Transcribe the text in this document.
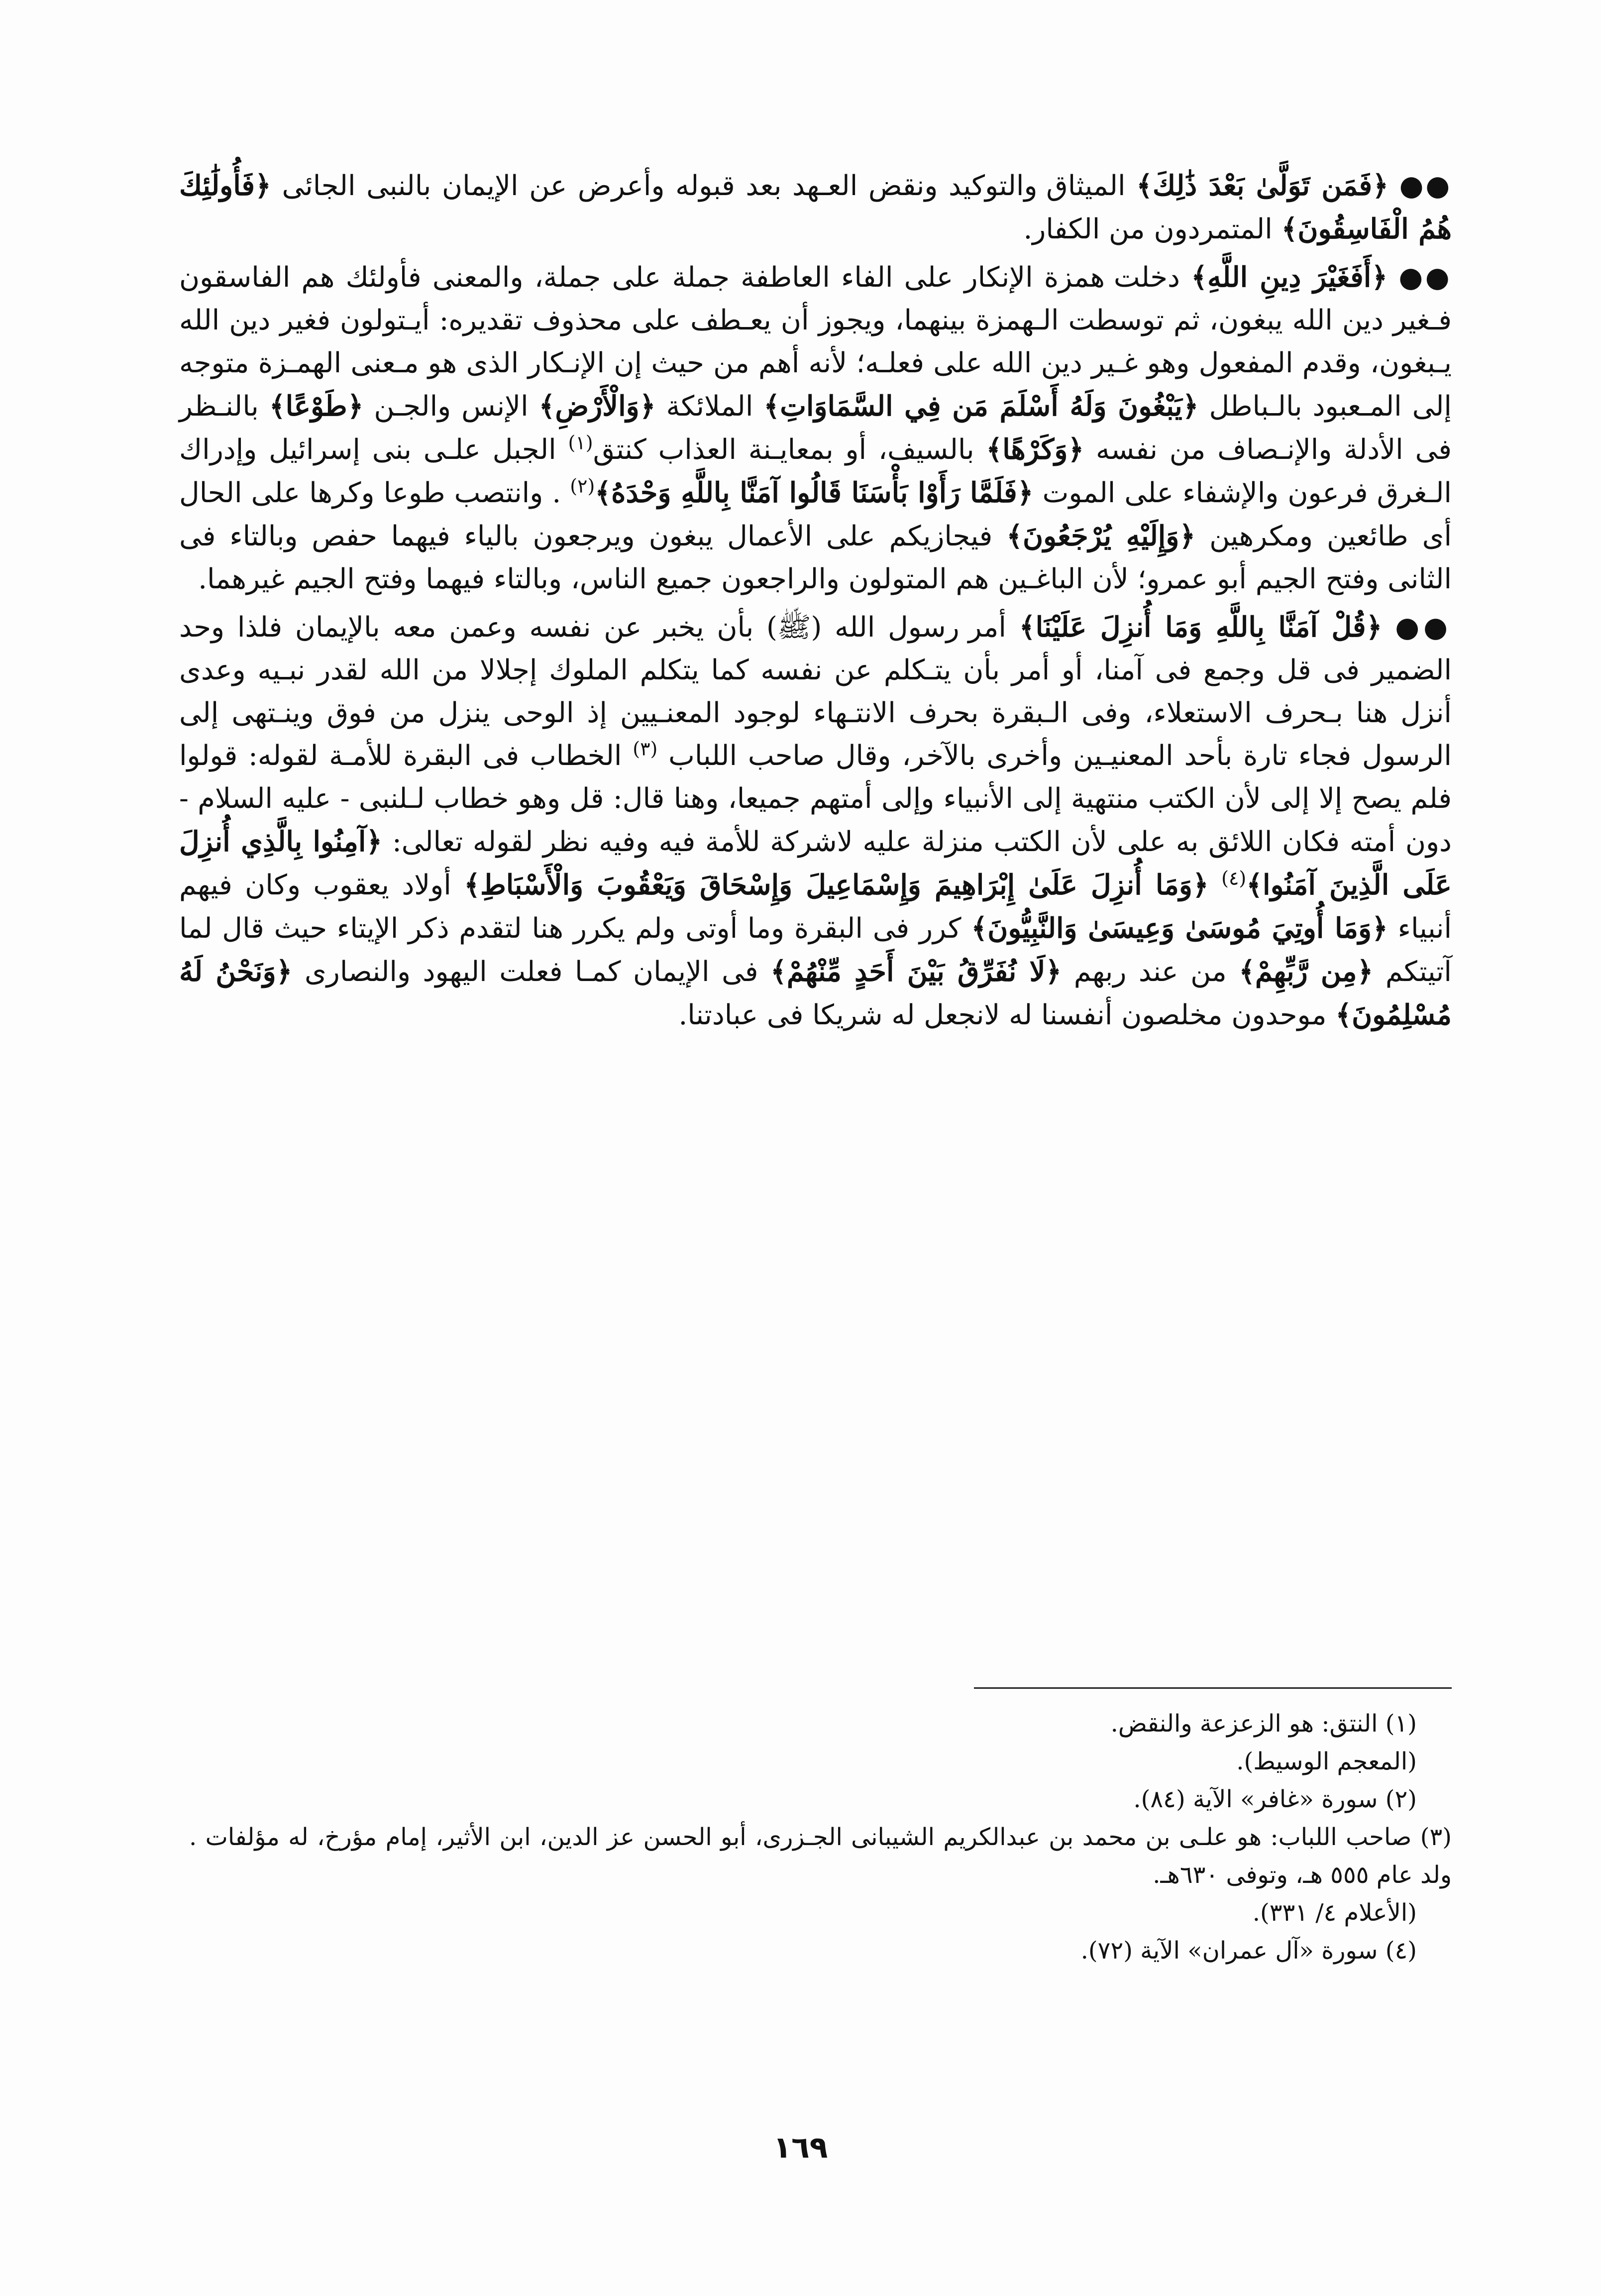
●● ﴿فَمَن تَوَلَّىٰ بَعْدَ ذَٰلِكَ﴾ الميثاق والتوكيد ونقض العـهد بعد قبوله وأعرض عن الإيمان بالنبى الجائى ﴿فَأُولَٰئِكَ هُمُ الْفَاسِقُونَ﴾ المتمردون من الكفار.

●● ﴿أَفَغَيْرَ دِينِ اللَّهِ﴾ دخلت همزة الإنكار على الفاء العاطفة جملة على جملة، والمعنى فأولئك هم الفاسقون فـغير دين الله يبغون، ثم توسطت الـهمزة بينهما، ويجوز أن يعـطف على محذوف تقديره: أيـتولون فغير دين الله يـبغون، وقدم المفعول وهو غـير دين الله على فعلـه؛ لأنه أهم من حيث إن الإنـكار الذى هو مـعنى الهمـزة متوجه إلى المـعبود بالـباطل ﴿يَبْغُونَ وَلَهُ أَسْلَمَ مَن فِي السَّمَاوَاتِ﴾ الملائكة ﴿وَالْأَرْضِ﴾ الإنس والجـن ﴿طَوْعًا﴾ بالنـظر فى الأدلة والإنـصاف من نفسه ﴿وَكَرْهًا﴾ بالسيف، أو بمعايـنة العذاب كنتق$^{(١)}$ الجبل علـى بنى إسرائيل وإدراك الـغرق فرعون والإشفاء على الموت ﴿فَلَمَّا رَأَوْا بَأْسَنَا قَالُوا آمَنَّا بِاللَّهِ وَحْدَهُ﴾$^{(٢)}$ . وانتصب طوعا وكرها على الحال أى طائعين ومكرهين ﴿وَإِلَيْهِ يُرْجَعُونَ﴾ فيجازيكم على الأعمال يبغون ويرجعون بالياء فيهما حفص وبالتاء فى الثانى وفتح الجيم أبو عمرو؛ لأن الباغـين هم المتولون والراجعون جميع الناس، وبالتاء فيهما وفتح الجيم غيرهما.

●● ﴿قُلْ آمَنَّا بِاللَّهِ وَمَا أُنزِلَ عَلَيْنَا﴾ أمر رسول الله (ﷺ) بأن يخبر عن نفسه وعمن معه بالإيمان فلذا وحد الضمير فى قل وجمع فى آمنا، أو أمر بأن يتـكلم عن نفسه كما يتكلم الملوك إجلالا من الله لقدر نبـيه وعدى أنزل هنا بـحرف الاستعلاء، وفى الـبقرة بحرف الانتـهاء لوجود المعنـيين إذ الوحى ينزل من فوق وينـتهى إلى الرسول فجاء تارة بأحد المعنيـين وأخرى بالآخر، وقال صاحب اللباب $^{(٣)}$ الخطاب فى البقرة للأمـة لقوله: قولوا فلم يصح إلا إلى لأن الكتب منتهية إلى الأنبياء وإلى أمتهم جميعا، وهنا قال: قل وهو خطاب لـلنبى - عليه السلام - دون أمته فكان اللائق به على لأن الكتب منزلة عليه لاشركة للأمة فيه وفيه نظر لقوله تعالى: ﴿آمِنُوا بِالَّذِي أُنزِلَ عَلَى الَّذِينَ آمَنُوا﴾$^{(٤)}$ ﴿وَمَا أُنزِلَ عَلَىٰ إِبْرَاهِيمَ وَإِسْمَاعِيلَ وَإِسْحَاقَ وَيَعْقُوبَ وَالْأَسْبَاطِ﴾ أولاد يعقوب وكان فيهم أنبياء ﴿وَمَا أُوتِيَ مُوسَىٰ وَعِيسَىٰ وَالنَّبِيُّونَ﴾ كرر فى البقرة وما أوتى ولم يكرر هنا لتقدم ذكر الإيتاء حيث قال لما آتيتكم ﴿مِن رَّبِّهِمْ﴾ من عند ربهم ﴿لَا نُفَرِّقُ بَيْنَ أَحَدٍ مِّنْهُمْ﴾ فى الإيمان كمـا فعلت اليهود والنصارى ﴿وَنَحْنُ لَهُ مُسْلِمُونَ﴾ موحدون مخلصون أنفسنا له لانجعل له شريكا فى عبادتنا.

(١) النتق: هو الزعزعة والنقض.

(المعجم الوسيط).

(٢) سورة «غافر» الآية (٨٤).

(٣) صاحب اللباب: هو علـى بن محمد بن عبدالكريم الشيبانى الجـزرى، أبو الحسن عز الدين، ابن الأثير، إمام مؤرخ، له مؤلفات . ولد عام ٥٥٥ هـ، وتوفى ٦٣٠هـ.

(الأعلام ٤/ ٣٣١).

(٤) سورة «آل عمران» الآية (٧٢).

١٦٩
